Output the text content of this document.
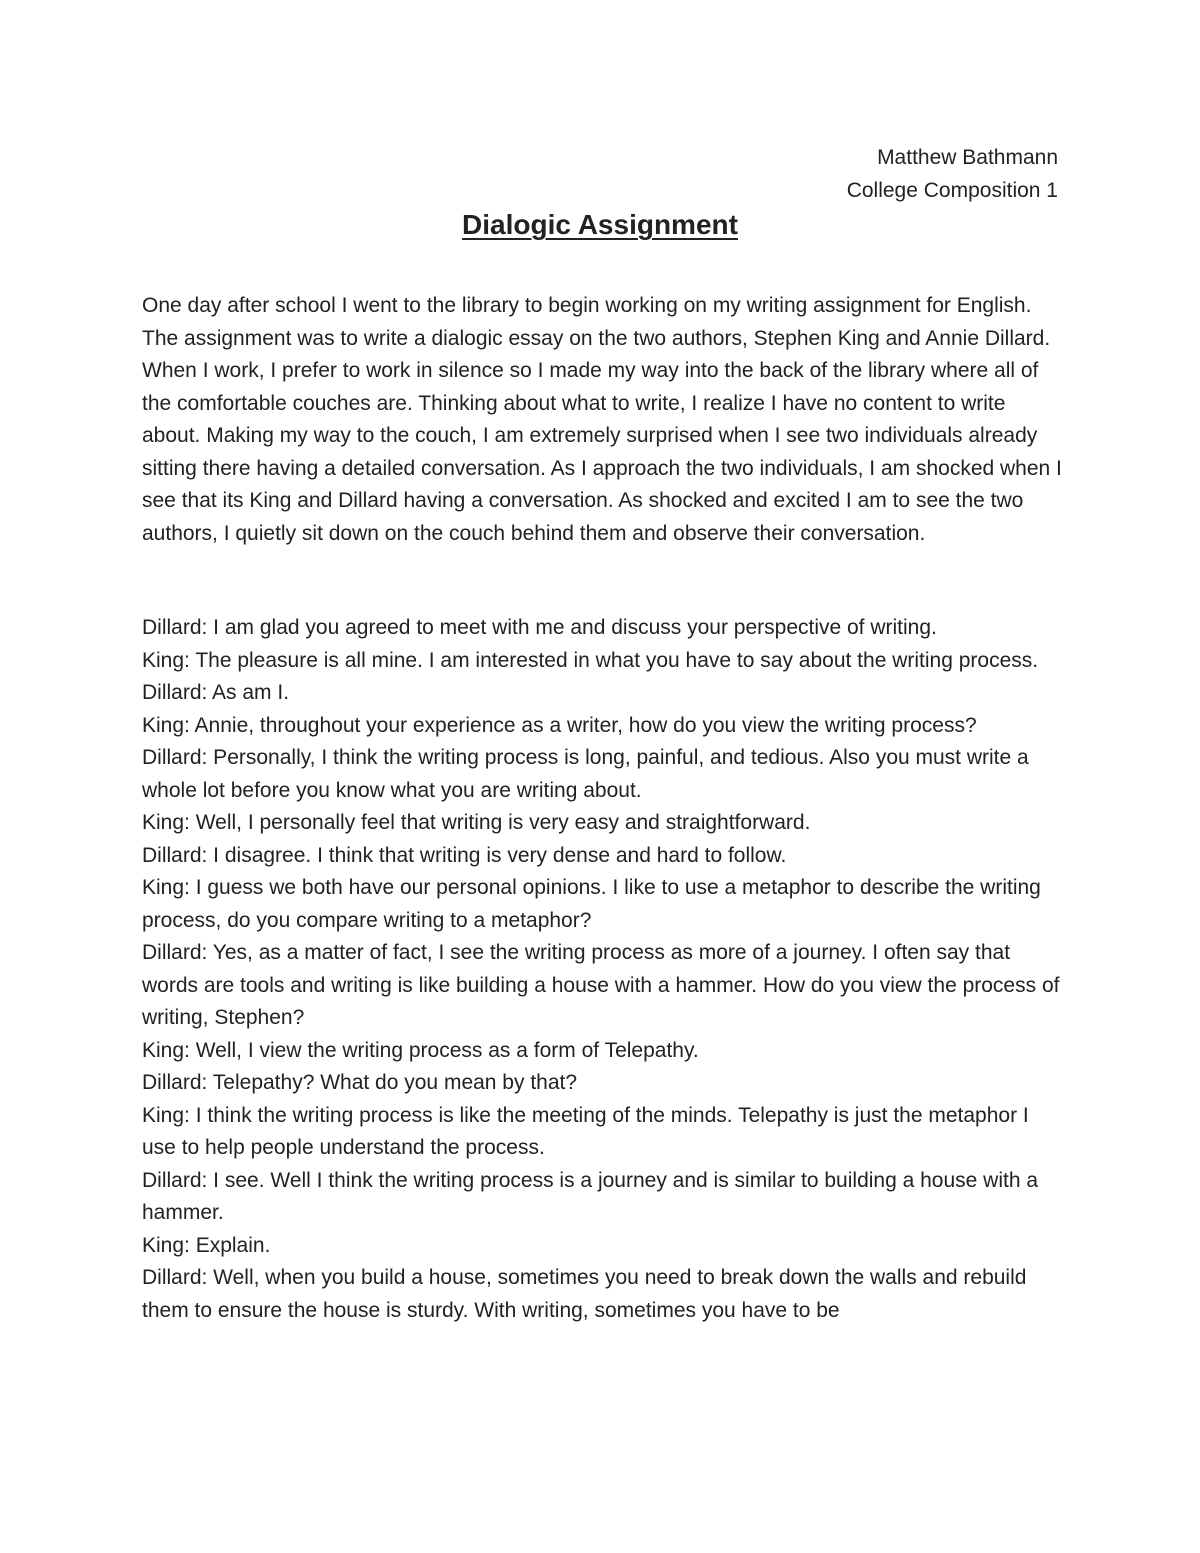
Matthew Bathmann
College Composition 1
Dialogic Assignment

One day after school I went to the library to begin working on my writing assignment for English. The assignment was to write a dialogic essay on the two authors, Stephen King and Annie Dillard. When I work, I prefer to work in silence so I made my way into the back of the library where all of the comfortable couches are. Thinking about what to write, I realize I have no content to write about. Making my way to the couch, I am extremely surprised when I see two individuals already sitting there having a detailed conversation. As I approach the two individuals, I am shocked when I see that its King and Dillard having a conversation. As shocked and excited I am to see the two authors, I quietly sit down on the couch behind them and observe their conversation.

Dillard: I am glad you agreed to meet with me and discuss your perspective of writing.
King: The pleasure is all mine. I am interested in what you have to say about the writing process.
Dillard: As am I.
King: Annie, throughout your experience as a writer, how do you view the writing process?
Dillard: Personally, I think the writing process is long, painful, and tedious. Also you must write a whole lot before you know what you are writing about.
King: Well, I personally feel that writing is very easy and straightforward.
Dillard: I disagree. I think that writing is very dense and hard to follow.
King: I guess we both have our personal opinions. I like to use a metaphor to describe the writing process, do you compare writing to a metaphor?
Dillard: Yes, as a matter of fact, I see the writing process as more of a journey. I often say that words are tools and writing is like building a house with a hammer. How do you view the process of writing, Stephen?
King: Well, I view the writing process as a form of Telepathy.
Dillard: Telepathy? What do you mean by that?
King: I think the writing process is like the meeting of the minds. Telepathy is just the metaphor I use to help people understand the process.
Dillard: I see. Well I think the writing process is a journey and is similar to building a house with a hammer.
King: Explain.
Dillard: Well, when you build a house, sometimes you need to break down the walls and rebuild them to ensure the house is sturdy. With writing, sometimes you have to be
